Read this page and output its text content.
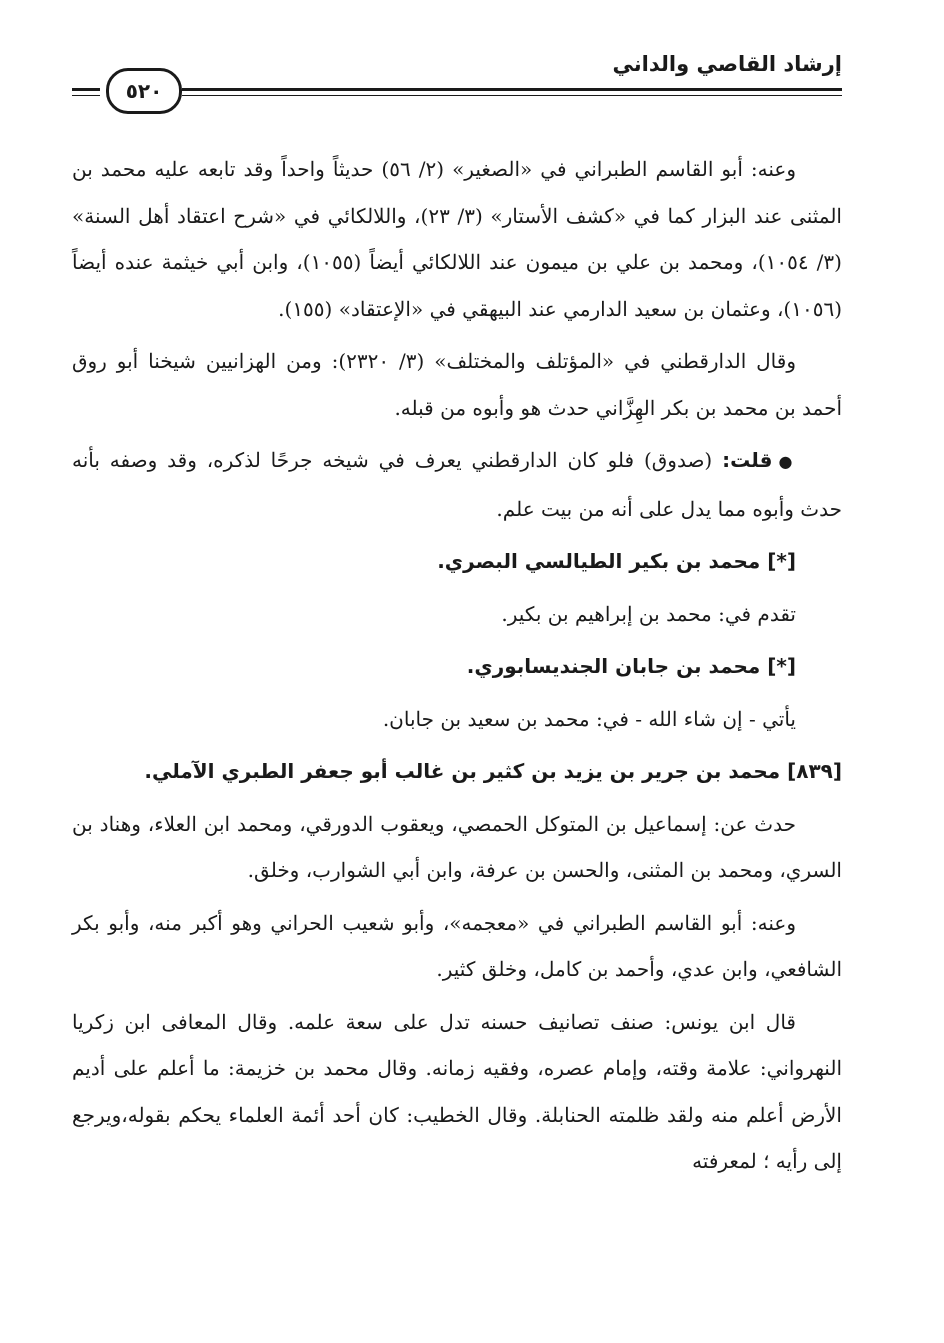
إرشاد القاصي والداني
٥٢٠

وعنه: أبو القاسم الطبراني في «الصغير» (٢/ ٥٦) حديثاً واحداً وقد تابعه عليه محمد بن المثنى عند البزار كما في «كشف الأستار» (٣/ ٢٣)، واللالكائي في «شرح اعتقاد أهل السنة» (٣/ ١٠٥٤)، ومحمد بن علي بن ميمون عند اللالكائي أيضاً (١٠٥٥)، وابن أبي خيثمة عنده أيضاً (١٠٥٦)، وعثمان بن سعيد الدارمي عند البيهقي في «الإعتقاد» (١٥٥).

وقال الدارقطني في «المؤتلف والمختلف» (٣/ ٢٣٢٠): ومن الهزانيين شيخنا أبو روق أحمد بن محمد بن بكر الهِزَّاني حدث هو وأبوه من قبله.

●قلت: (صدوق) فلو كان الدارقطني يعرف في شيخه جرحًا لذكره، وقد وصفه بأنه حدث وأبوه مما يدل على أنه من بيت علم.

[*] محمد بن بكير الطيالسي البصري.

تقدم في: محمد بن إبراهيم بن بكير.

[*] محمد بن جابان الجنديسابوري.

يأتي - إن شاء الله - في: محمد بن سعيد بن جابان.

[٨٣٩] محمد بن جرير بن يزيد بن كثير بن غالب أبو جعفر الطبري الآملي.

حدث عن: إسماعيل بن المتوكل الحمصي، ويعقوب الدورقي، ومحمد ابن العلاء، وهناد بن السري، ومحمد بن المثنى، والحسن بن عرفة، وابن أبي الشوارب، وخلق.

وعنه: أبو القاسم الطبراني في «معجمه»، وأبو شعيب الحراني وهو أكبر منه، وأبو بكر الشافعي، وابن عدي، وأحمد بن كامل، وخلق كثير.

قال ابن يونس: صنف تصانيف حسنه تدل على سعة علمه. وقال المعافى ابن زكريا النهرواني: علامة وقته، وإمام عصره، وفقيه زمانه. وقال محمد بن خزيمة: ما أعلم على أديم الأرض أعلم منه ولقد ظلمته الحنابلة. وقال الخطيب: كان أحد أئمة العلماء يحكم بقوله،ويرجع إلى رأيه ؛ لمعرفته
